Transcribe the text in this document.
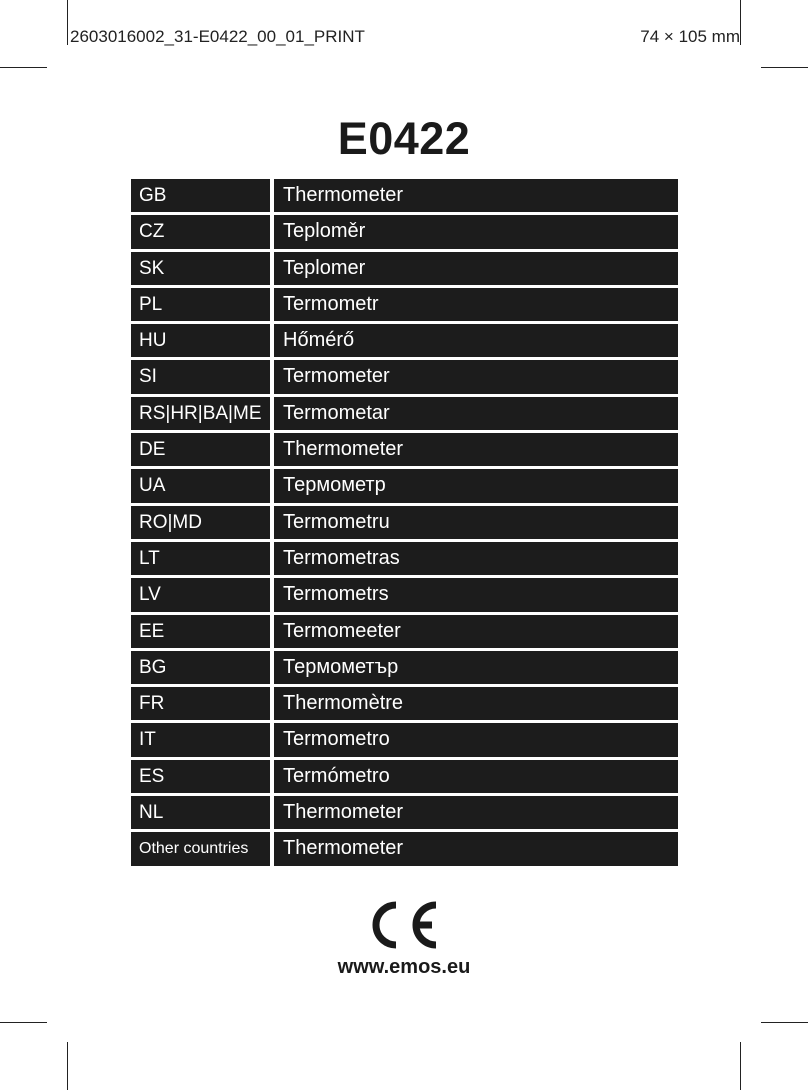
2603016002_31-E0422_00_01_PRINT	74 × 105 mm
E0422
GB	Thermometer
CZ	Teploměr
SK	Teplomer
PL	Termometr
HU	Hőmérő
SI	Termometer
RS|HR|BA|ME	Termometar
DE	Thermometer
UA	Термометр
RO|MD	Termometru
LT	Termometras
LV	Termometrs
EE	Termomeeter
BG	Термометър
FR	Thermomètre
IT	Termometro
ES	Termómetro
NL	Thermometer
Other countries	Thermometer
www.emos.eu
